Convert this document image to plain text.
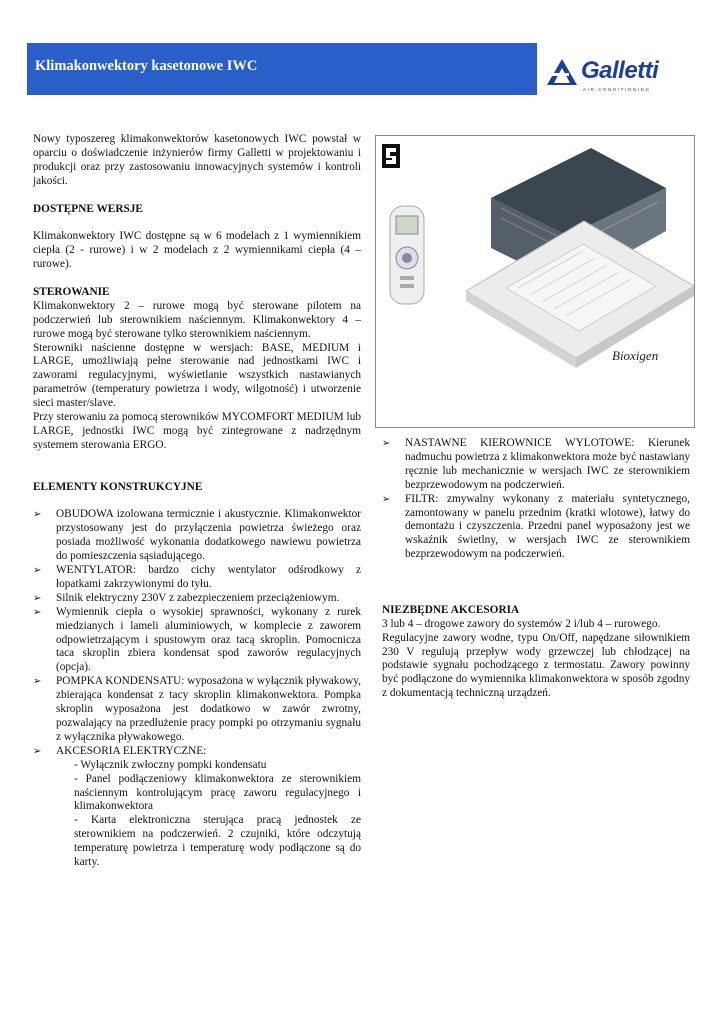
Klimakonwektory kasetonowe IWC	Galletti
AIR CONDITIONING

Nowy typoszereg klimakonwektorów kasetonowych IWC powstał w oparciu o doświadczenie inżynierów firmy Galletti w projektowaniu i produkcji oraz przy zastosowaniu innowacyjnych systemów i kontroli jakości.

DOSTĘPNE WERSJE

Klimakonwektory IWC dostępne są w 6 modelach z 1 wymiennikiem ciepła (2 - rurowe) i w 2 modelach z 2 wymiennikami ciepła (4 – rurowe).

STEROWANIE

Klimakonwektory 2 – rurowe mogą być sterowane pilotem na podczerwień lub sterownikiem naściennym. Klimakonwektory 4 – rurowe mogą być sterowane tylko sterownikiem naściennym.

Sterowniki naścienne dostępne w wersjach: BASE, MEDIUM i LARGE, umożliwiają pełne sterowanie nad jednostkami IWC i zaworami regulacyjnymi, wyświetlanie wszystkich nastawianych parametrów (temperatury powietrza i wody, wilgotność) i utworzenie sieci master/slave.

Przy sterowaniu za pomocą sterowników MYCOMFORT MEDIUM lub LARGE, jednostki IWC mogą być zintegrowane z nadrzędnym systemem sterowania ERGO.

ELEMENTY KONSTRUKCYJNE

➢ OBUDOWA izolowana termicznie i akustycznie. Klimakonwektor przystosowany jest do przyłączenia powietrza świeżego oraz posiada możliwość wykonania dodatkowego nawiewu powietrza do pomieszczenia sąsiadującego.
➢ WENTYLATOR: bardzo cichy wentylator odśrodkowy z łopatkami zakrzywionymi do tyłu.
➢ Silnik elektryczny 230V z zabezpieczeniem przeciążeniowym.
➢ Wymiennik ciepła o wysokiej sprawności, wykonany z rurek miedzianych i lameli aluminiowych, w komplecie z zaworem odpowietrzającym i spustowym oraz tacą skroplin. Pomocnicza taca skroplin zbiera kondensat spod zaworów regulacyjnych (opcja).
➢ POMPKA KONDENSATU: wyposażona w wyłącznik pływakowy, zbierająca kondensat z tacy skroplin klimakonwektora. Pompka skroplin wyposażona jest dodatkowo w zawór zwrotny, pozwalający na przedłużenie pracy pompki po otrzymaniu sygnału z wyłącznika pływakowego.
➢ AKCESORIA ELEKTRYCZNE:
- Wyłącznik zwłoczny pompki kondensatu
- Panel podłączeniowy klimakonwektora ze sterownikiem naściennym kontrolującym pracę zaworu regulacyjnego i klimakonwektora
- Karta elektroniczna sterująca pracą jednostek ze sterownikiem na podczerwień. 2 czujniki, które odczytują temperaturę powietrza i temperaturę wody podłączone są do karty.
Bioxigen
➢ NASTAWNE KIEROWNICE WYLOTOWE: Kierunek nadmuchu powietrza z klimakonwektora może być nastawiany ręcznie lub mechanicznie w wersjach IWC ze sterownikiem bezprzewodowym na podczerwień.
➢ FILTR: zmywalny wykonany z materiału syntetycznego, zamontowany w panelu przednim (kratki wlotowe), łatwy do demontażu i czyszczenia. Przedni panel wyposażony jest we wskaźnik świetlny, w wersjach IWC ze sterownikiem bezprzewodowym na podczerwień.

NIEZBĘDNE AKCESORIA

3 lub 4 – drogowe zawory do systemów 2 i/lub 4 – rurowego.

Regulacyjne zawory wodne, typu On/Off, napędzane siłownikiem 230 V regulują przepływ wody grzewczej lub chłodzącej na podstawie sygnału pochodzącego z termostatu. Zawory powinny być podłączone do wymiennika klimakonwektora w sposób zgodny z dokumentacją techniczną urządzeń.
